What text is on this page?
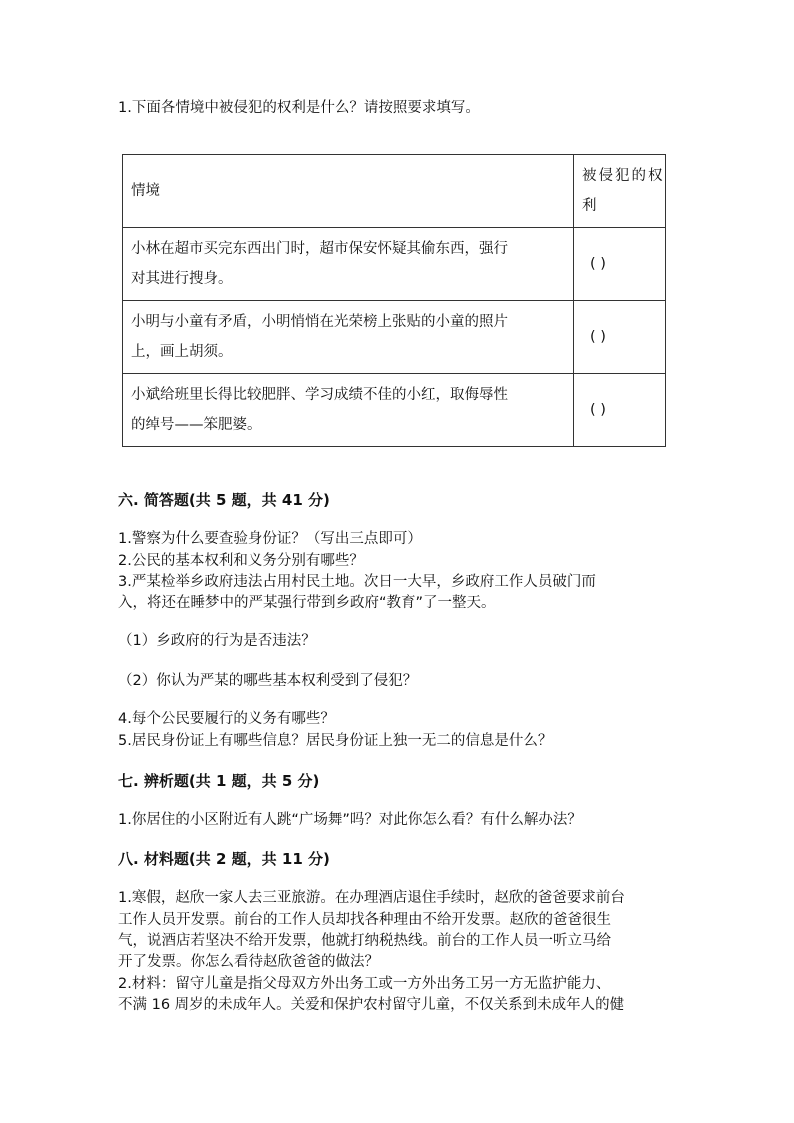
1.下面各情境中被侵犯的权利是什么？请按照要求填写。
情境	被侵犯的权
利

小林在超市买完东西出门时，超市保安怀疑其偷东西，强行
对其进行搜身。	( )

小明与小童有矛盾，小明悄悄在光荣榜上张贴的小童的照片
上，画上胡须。	( )

小斌给班里长得比较肥胖、学习成绩不佳的小红，取侮辱性
的绰号——笨肥婆。	( )
六. 简答题(共 5 题，共 41 分)
1.警察为什么要查验身份证？（写出三点即可）
2.公民的基本权利和义务分别有哪些？
3.严某检举乡政府违法占用村民土地。次日一大早，乡政府工作人员破门而
入，将还在睡梦中的严某强行带到乡政府“教育”了一整天。
（1）乡政府的行为是否违法？
（2）你认为严某的哪些基本权利受到了侵犯？
4.每个公民要履行的义务有哪些？
5.居民身份证上有哪些信息？居民身份证上独一无二的信息是什么？
七. 辨析题(共 1 题，共 5 分)
1.你居住的小区附近有人跳“广场舞”吗？对此你怎么看？有什么解办法？
八. 材料题(共 2 题，共 11 分)
1.寒假，赵欣一家人去三亚旅游。在办理酒店退住手续时，赵欣的爸爸要求前台
工作人员开发票。前台的工作人员却找各种理由不给开发票。赵欣的爸爸很生
气，说酒店若坚决不给开发票，他就打纳税热线。前台的工作人员一听立马给
开了发票。你怎么看待赵欣爸爸的做法？
2.材料：留守儿童是指父母双方外出务工或一方外出务工另一方无监护能力、
不满 16 周岁的未成年人。关爱和保护农村留守儿童，不仅关系到未成年人的健
